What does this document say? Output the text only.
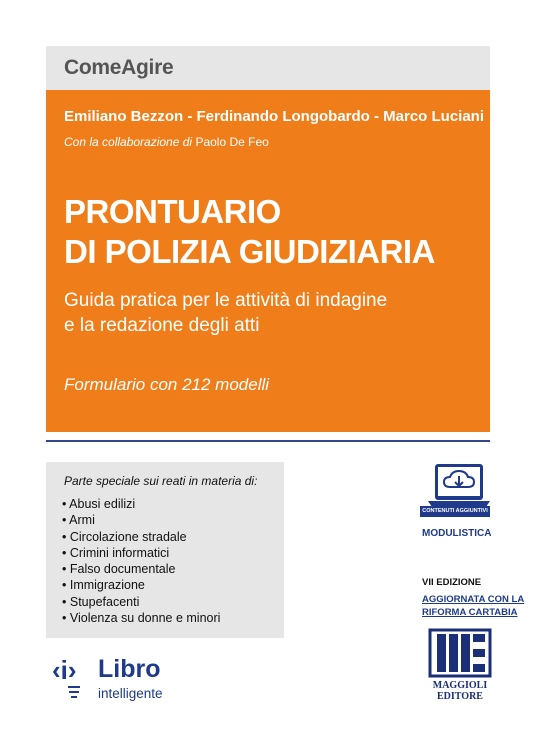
ComeAgire
Emiliano Bezzon - Ferdinando Longobardo - Marco Luciani
Con la collaborazione di Paolo De Feo
PRONTUARIO
DI POLIZIA GIUDIZIARIA
Guida pratica per le attività di indagine
e la redazione degli atti
Formulario con 212 modelli
Parte speciale sui reati in materia di:
• Abusi edilizi
• Armi
• Circolazione stradale
• Crimini informatici
• Falso documentale
• Immigrazione
• Stupefacenti
• Violenza su donne e minori
CONTENUTI AGGIUNTIVI
MODULISTICA
VII EDIZIONE
AGGIORNATA CON LA
RIFORMA CARTABIA
‹i› Libro
intelligente
MAGGIOLI
EDITORE
